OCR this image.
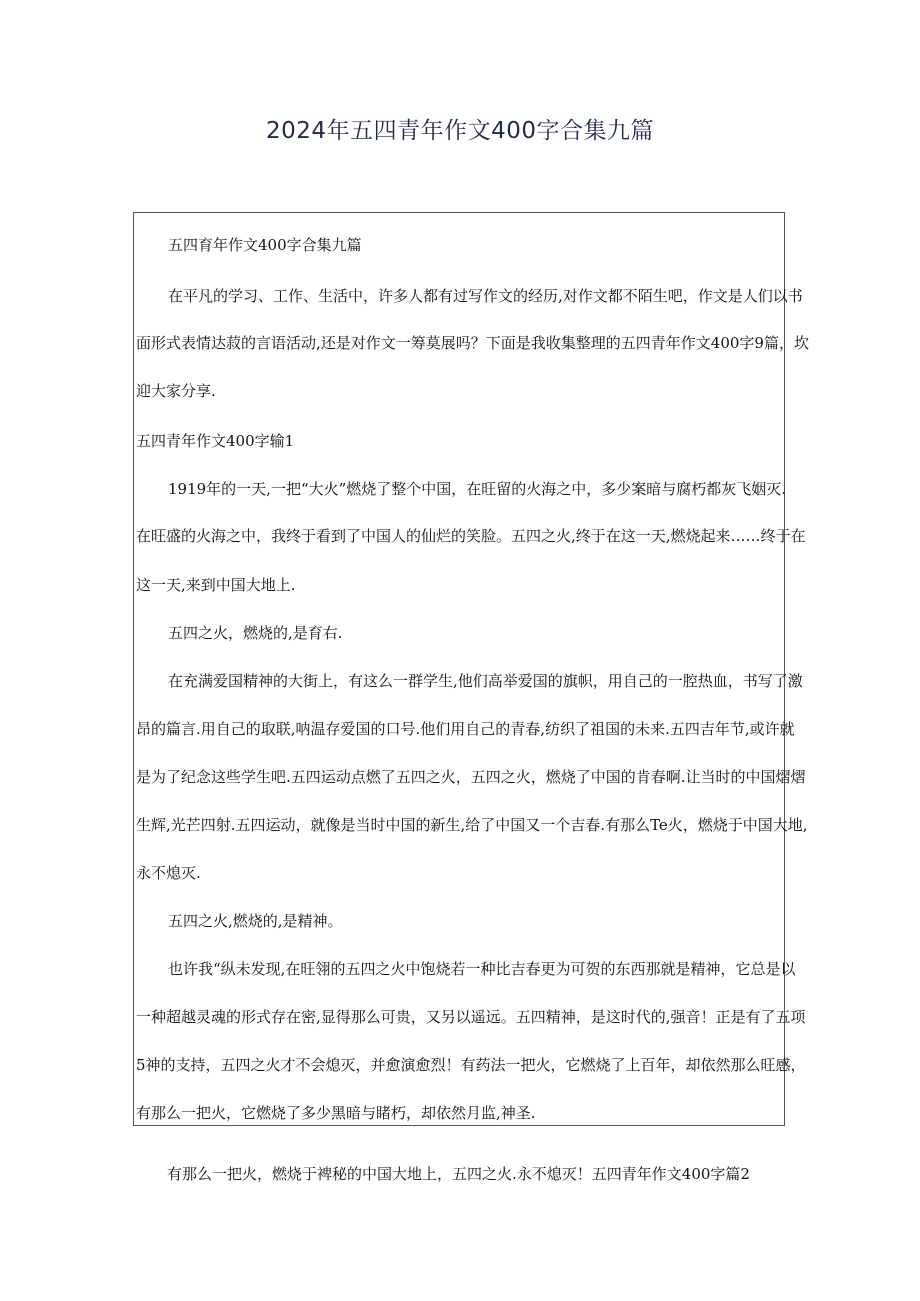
2024年五四青年作文400字合集九篇
五四育年作文400字合集九篇
在平凡的学习、工作、生活中，许多人都有过写作文的经历,对作文都不陌生吧，作文是人们以书
面形式表情达菽的言语活动,还是对作文一筹莫展吗？下面是我收集整理的五四青年作文400字9篇，坎
迎大家分享.
五四青年作文400字输1
1919年的一天,一把“大火”燃烧了整个中国，在旺留的火海之中，多少案暗与腐朽都灰飞姻灭.
在旺盛的火海之中，我终于看到了中国人的仙烂的笑脸。五四之火,终于在这一天,燃烧起来……终于在
这一天,来到中国大地上.
五四之火，燃烧的,是育右.
在充满爱国精神的大街上，有这么一群学生,他们高举爱国的旗帜，用自己的一腔热血，书写了激
昂的篇言.用自己的取联,呐温存爱国的口号.他们用自己的青春,纺织了祖国的未来.五四吉年节,或许就
是为了纪念这些学生吧.五四运动点燃了五四之火，五四之火，燃烧了中国的肯春啊.让当时的中国熠熠
生辉,光芒四射.五四运动，就像是当时中国的新生,给了中国又一个吉春.有那么Te火，燃烧于中国大地,
永不熄灭.
五四之火,燃烧的,是精神。
也许我“纵未发现,在旺翎的五四之火中饱烧若一种比吉春更为可贺的东西那就是精神，它总是以
一种超越灵魂的形式存在密,显得那么可贵，又另以遥远。五四精神，是这时代的,强音！正是有了五项
5神的支持，五四之火才不会熄灭，并愈演愈烈！有药法一把火，它燃烧了上百年，却依然那么旺感，
有那么一把火，它燃烧了多少黑暗与睹朽，却依然月监,神圣.
有那么一把火，燃烧于裨秘的中国大地上，五四之火.永不熄灭！五四青年作文400字篇2
